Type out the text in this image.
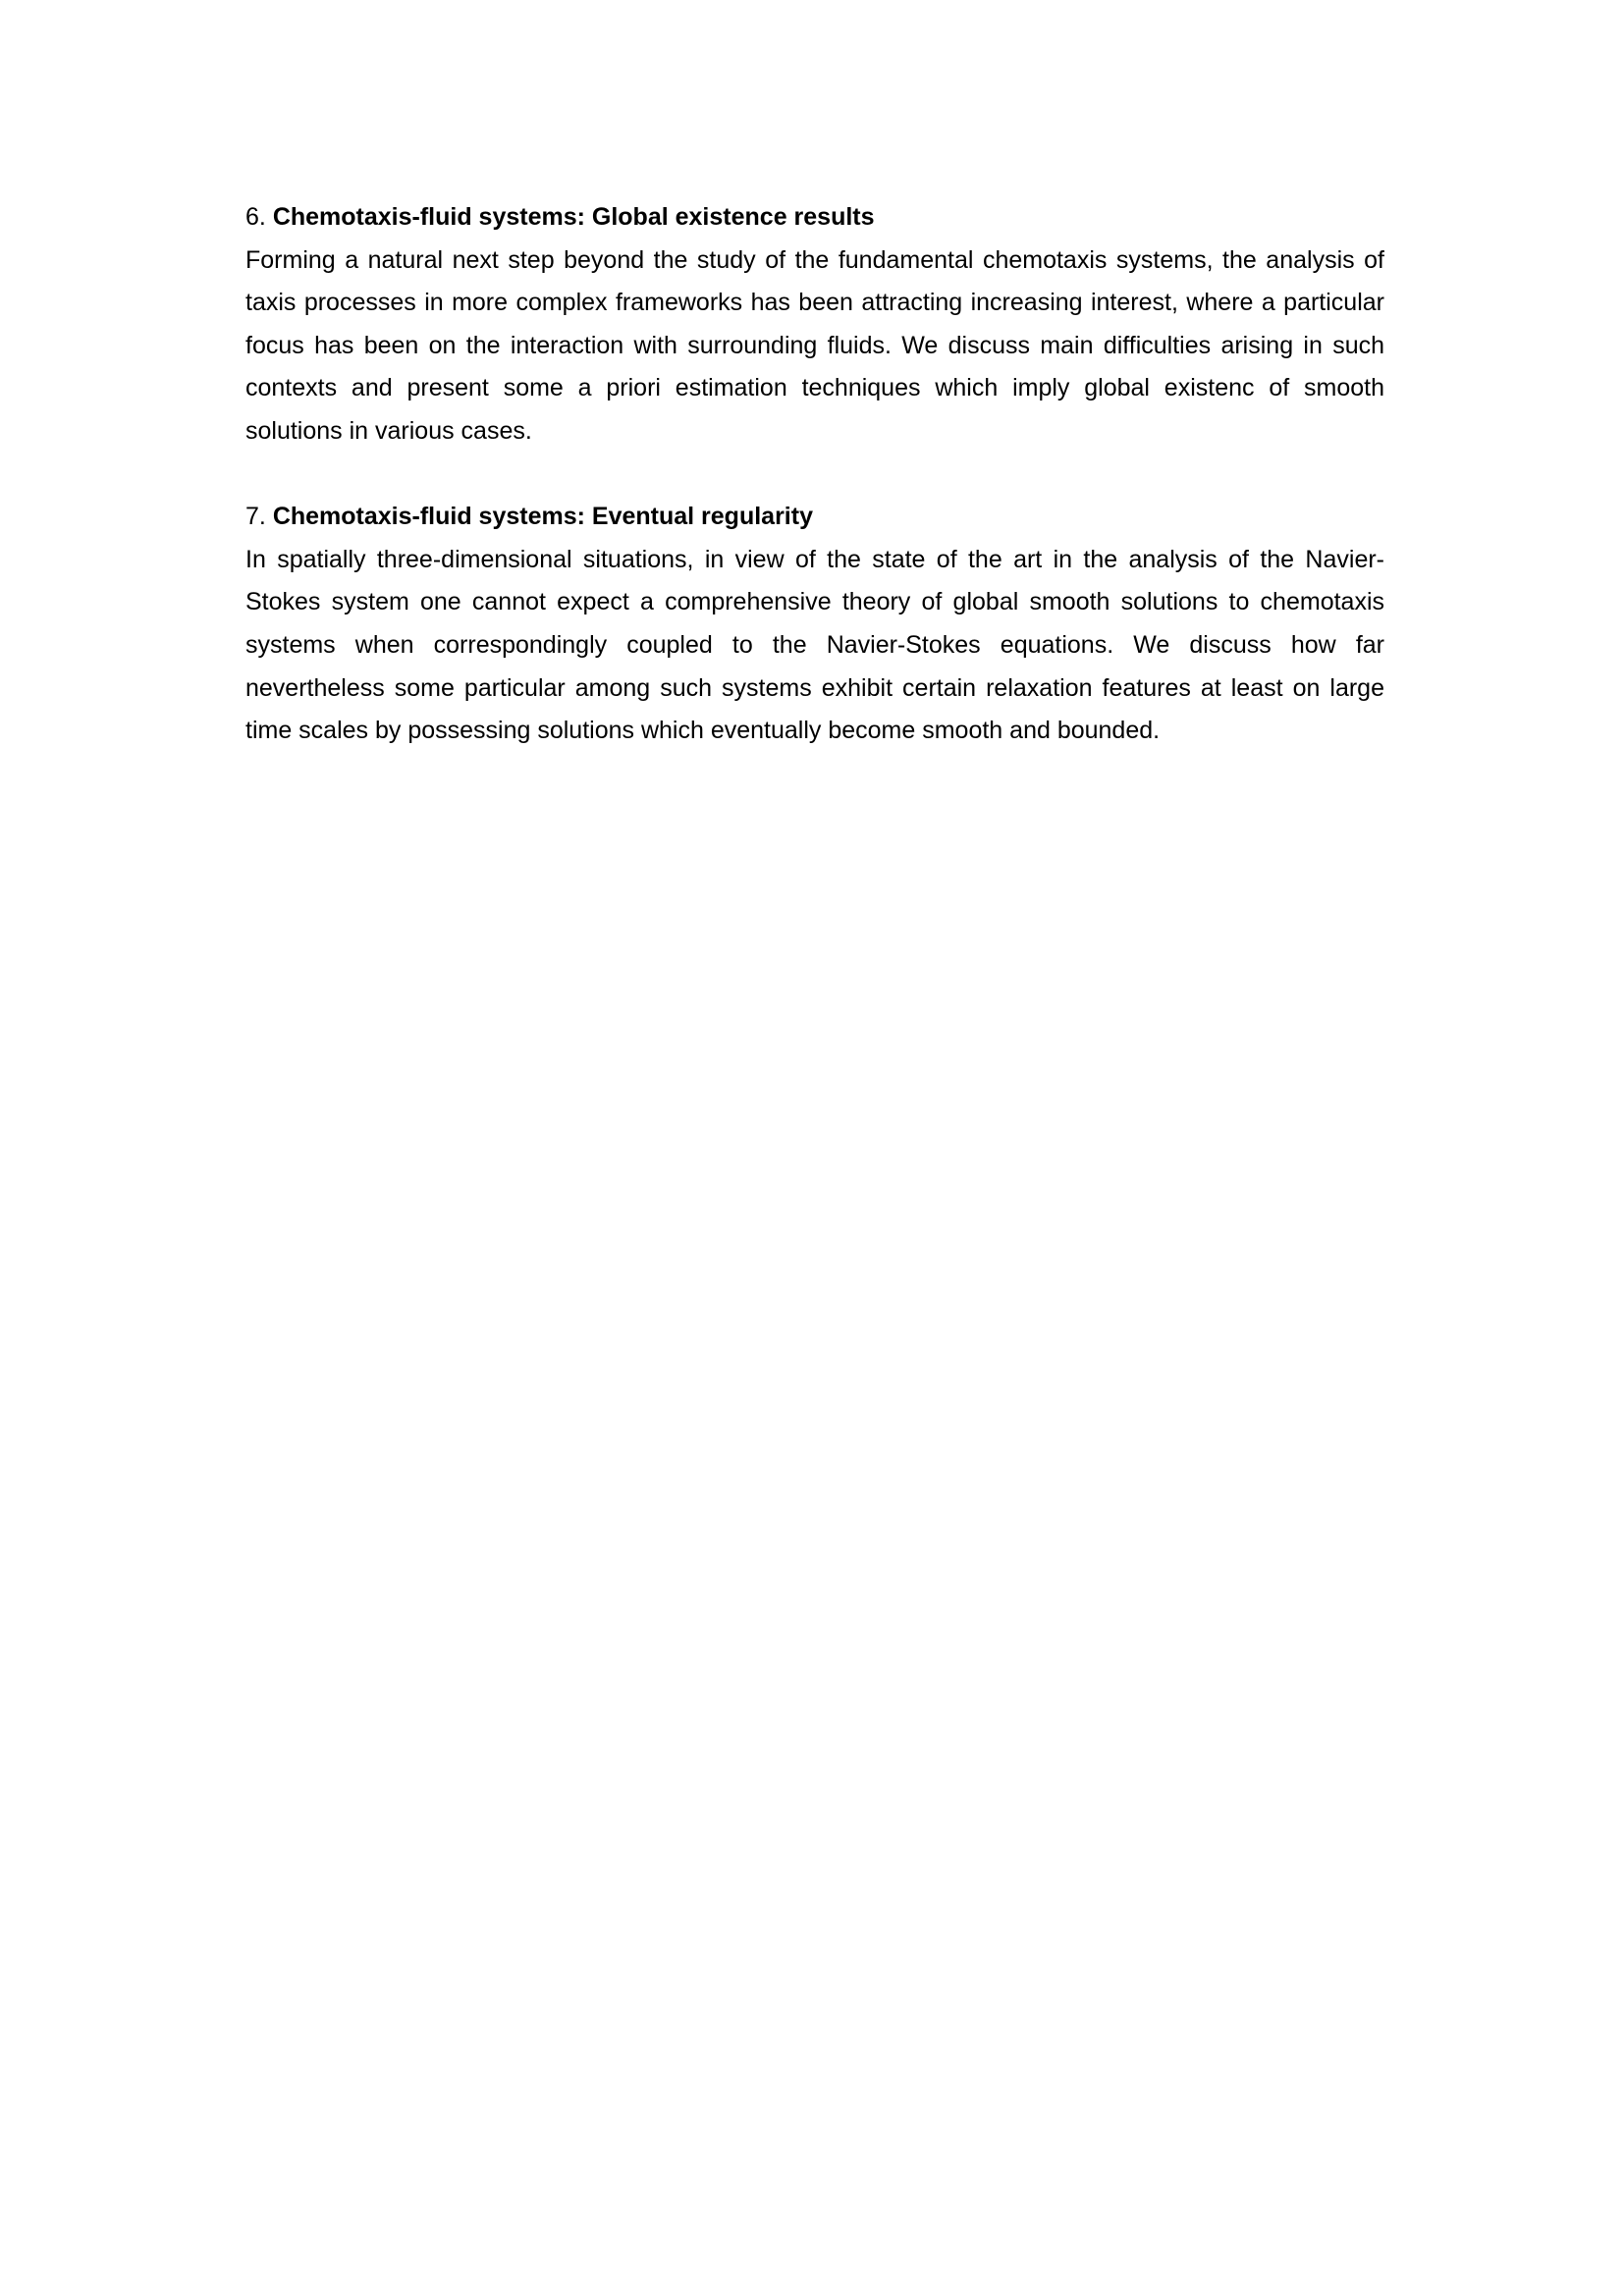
6. Chemotaxis-fluid systems: Global existence results

Forming a natural next step beyond the study of the fundamental chemotaxis systems, the analysis of taxis processes in more complex frameworks has been attracting increasing interest, where a particular focus has been on the interaction with surrounding fluids. We discuss main difficulties arising in such contexts and present some a priori estimation techniques which imply global existenc of smooth solutions in various cases.

7. Chemotaxis-fluid systems: Eventual regularity

In spatially three-dimensional situations, in view of the state of the art in the analysis of the Navier-Stokes system one cannot expect a comprehensive theory of global smooth solutions to chemotaxis systems when correspondingly coupled to the Navier-Stokes equations. We discuss how far nevertheless some particular among such systems exhibit certain relaxation features at least on large time scales by possessing solutions which eventually become smooth and bounded.
